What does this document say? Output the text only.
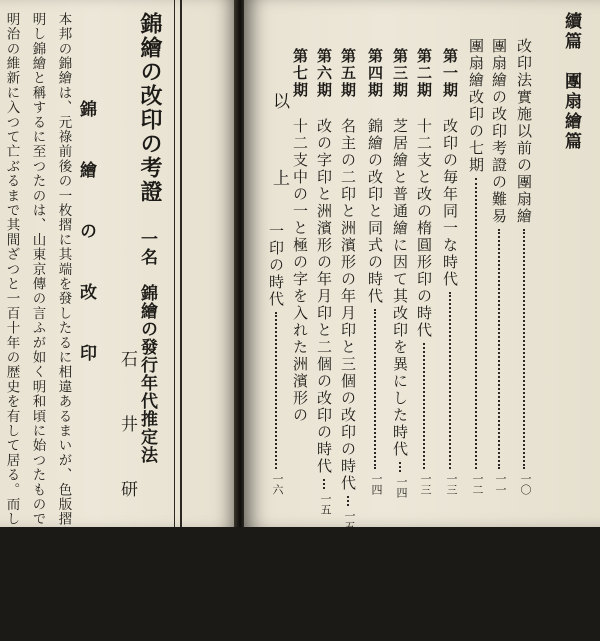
錦繪の改印の考證
一名　錦繪の發行年代推定法
石 井 研 堂 著
錦 繪 の 改 印
本邦の錦繪は、元祿前後の一枚摺に其端を發したるに相違あるまいが、色版摺合せの法を發
明し錦繪と稱するに至つたのは、山東京傳の言ふが如く明和頃に始つたものであらうそれが
明治の維新に入つて亡ぶるまで其間ざつと一百十年の歴史を有して居る。而して此間に發行	續篇　團扇繪篇
改印法實施以前の團扇繪
一〇
團扇繪の改印考證の難易
一一
團扇繪改印の七期
一二
第一期
改印の毎年同一な時代
一三
第二期
十二支と改の楕圓形印の時代
一三
第三期
芝居繪と普通繪に因て其改印を異にした時代
一四
第四期
錦繪の改印と同式の時代
一四
第五期
名主の二印と洲濱形の年月印と三個の改印の時代
一五
第六期
改の字印と洲濱形の年月印と二個の改印の時代
一五
第七期
十二支中の一と極の字を入れた洲濱形の
一印の時代
一六
以 上
